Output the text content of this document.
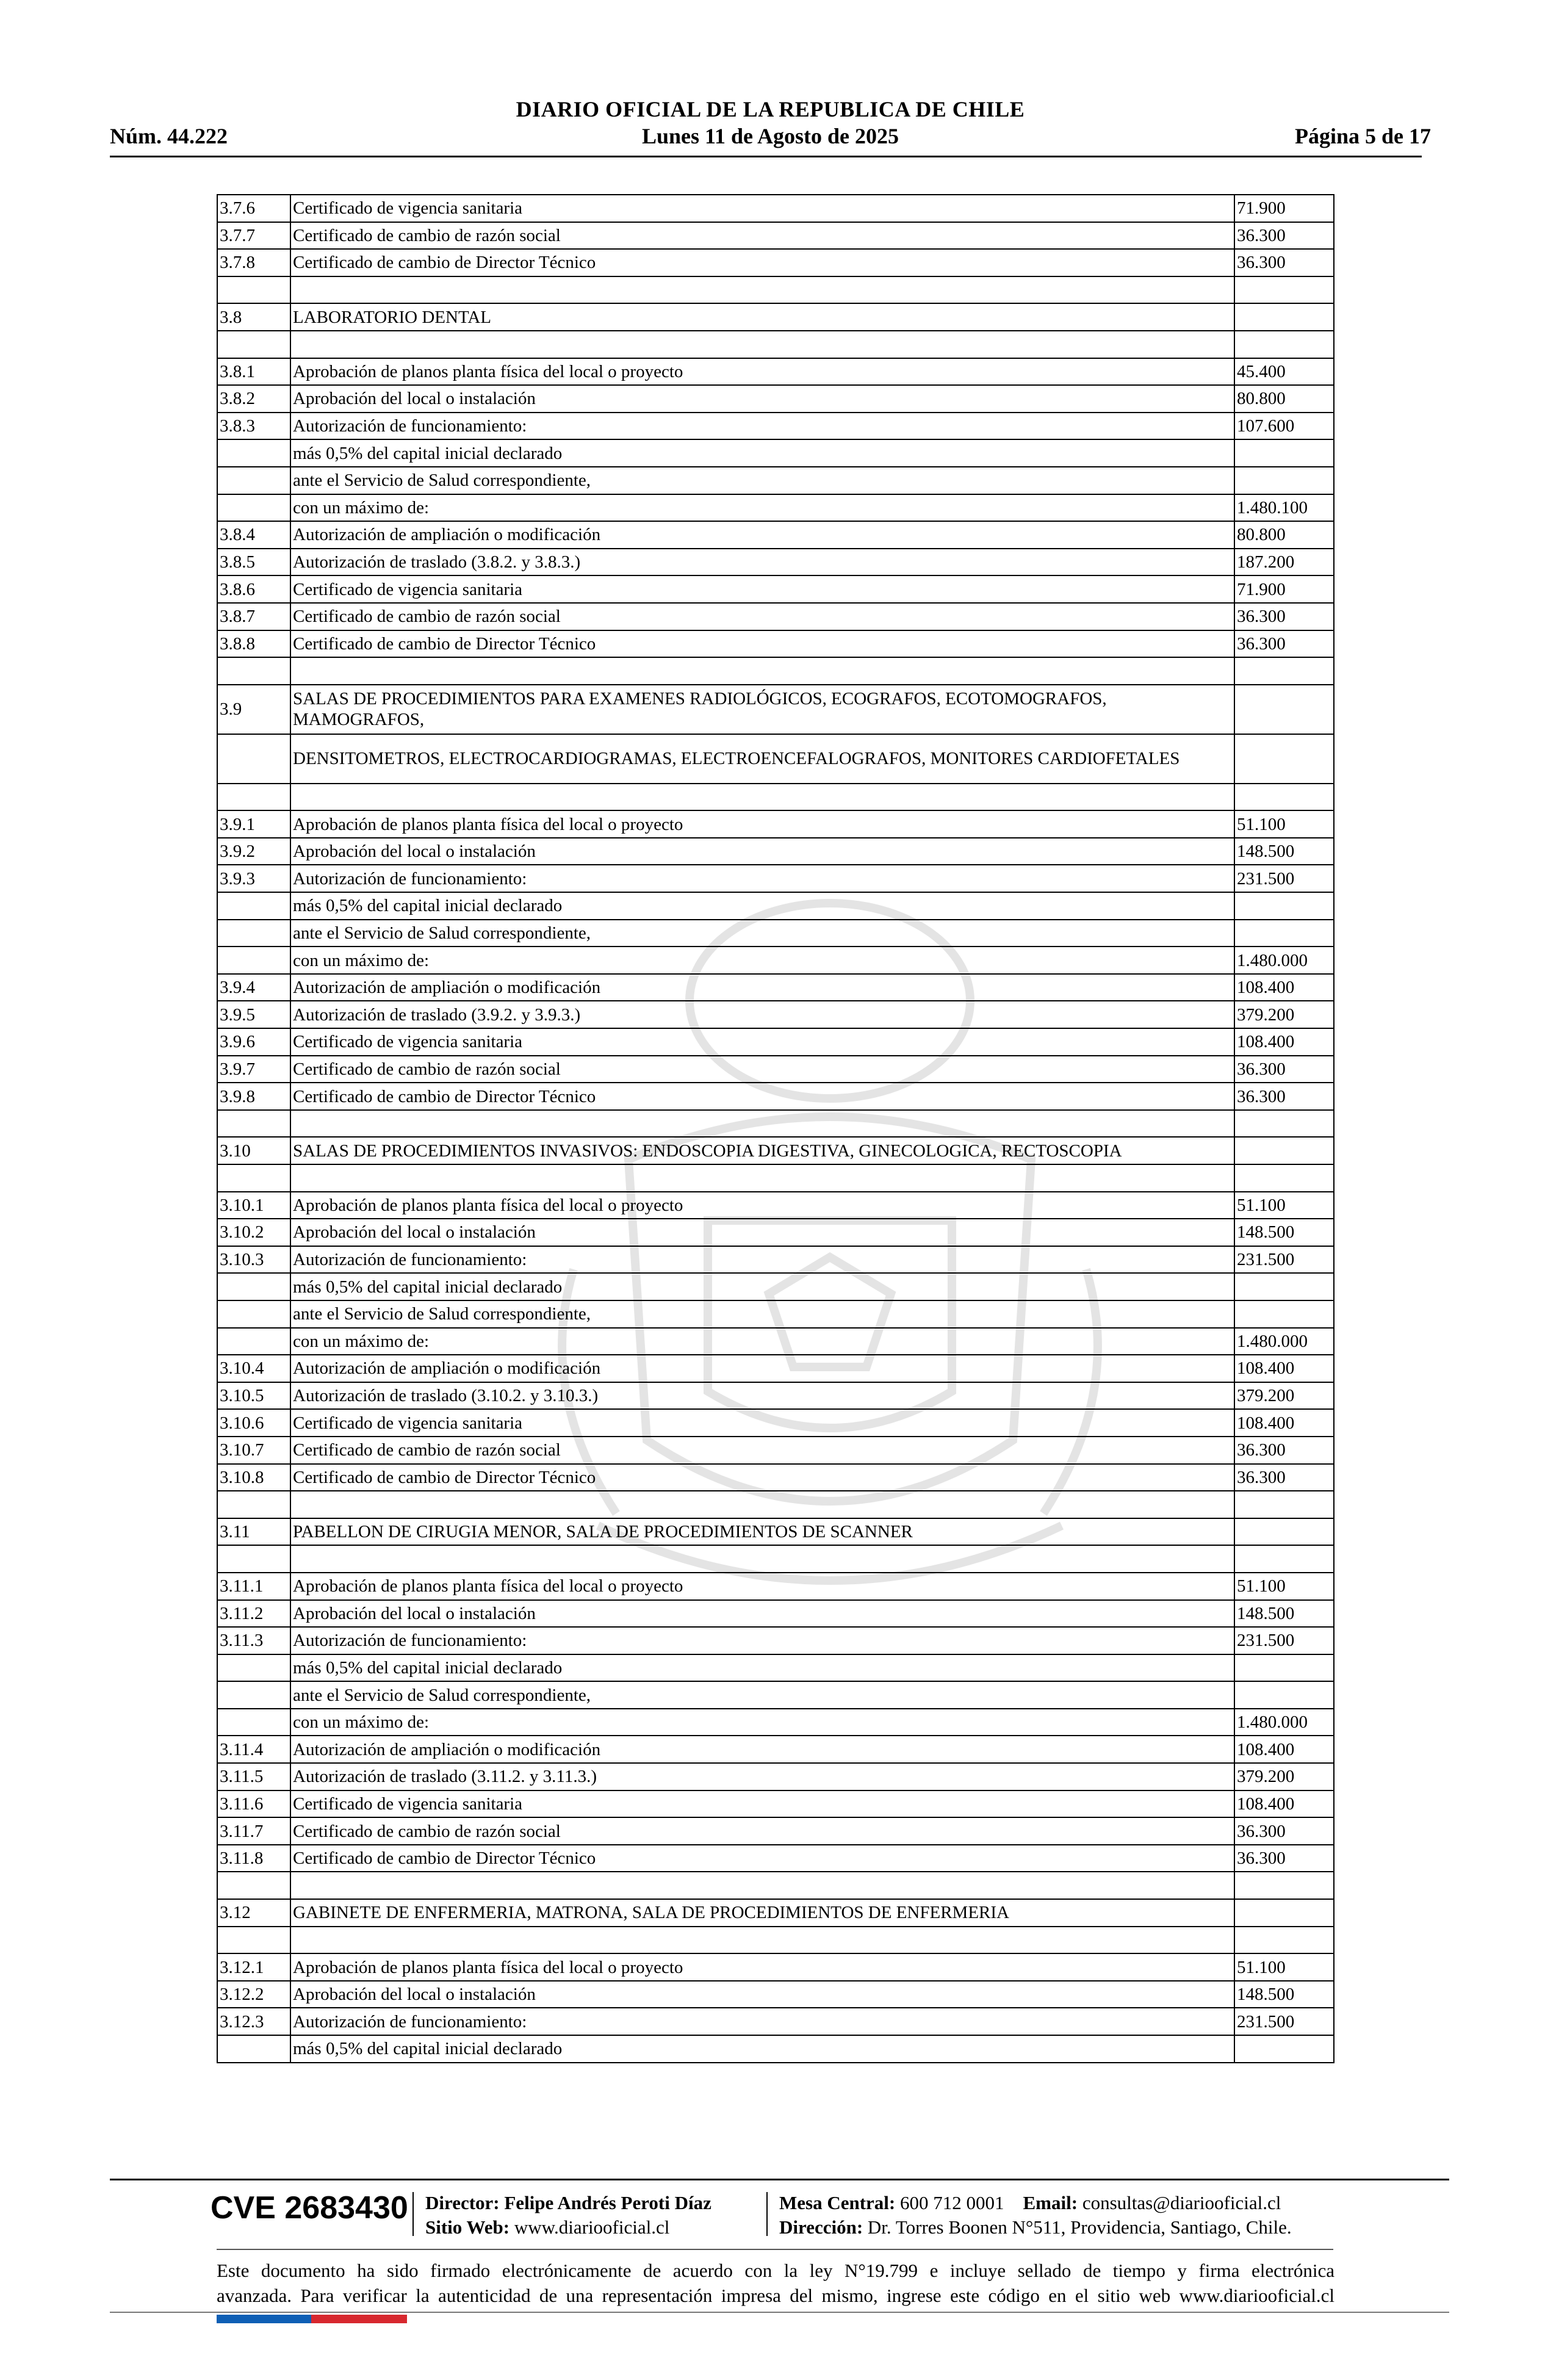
DIARIO OFICIAL DE LA REPUBLICA DE CHILE
Núm. 44.222	Lunes 11 de Agosto de 2025	Página 5 de 17
3.7.6	Certificado de vigencia sanitaria	71.900
3.7.7	Certificado de cambio de razón social	36.300
3.7.8	Certificado de cambio de Director Técnico	36.300

3.8	LABORATORIO DENTAL	

3.8.1	Aprobación de planos planta física del local o proyecto	45.400
3.8.2	Aprobación del local o instalación	80.800
3.8.3	Autorización de funcionamiento:	107.600
	más 0,5% del capital inicial declarado	
	ante el Servicio de Salud correspondiente,	
	con un máximo de:	1.480.100
3.8.4	Autorización de ampliación o modificación	80.800
3.8.5	Autorización de traslado (3.8.2. y 3.8.3.)	187.200
3.8.6	Certificado de vigencia sanitaria	71.900
3.8.7	Certificado de cambio de razón social	36.300
3.8.8	Certificado de cambio de Director Técnico	36.300

3.9	SALAS DE PROCEDIMIENTOS PARA EXAMENES RADIOLÓGICOS, ECOGRAFOS, ECOTOMOGRAFOS, MAMOGRAFOS,	
	DENSITOMETROS, ELECTROCARDIOGRAMAS, ELECTROENCEFALOGRAFOS, MONITORES CARDIOFETALES	

3.9.1	Aprobación de planos planta física del local o proyecto	51.100
3.9.2	Aprobación del local o instalación	148.500
3.9.3	Autorización de funcionamiento:	231.500
	más 0,5% del capital inicial declarado	
	ante el Servicio de Salud correspondiente,	
	con un máximo de:	1.480.000
3.9.4	Autorización de ampliación o modificación	108.400
3.9.5	Autorización de traslado (3.9.2. y 3.9.3.)	379.200
3.9.6	Certificado de vigencia sanitaria	108.400
3.9.7	Certificado de cambio de razón social	36.300
3.9.8	Certificado de cambio de Director Técnico	36.300

3.10	SALAS DE PROCEDIMIENTOS INVASIVOS: ENDOSCOPIA DIGESTIVA, GINECOLOGICA, RECTOSCOPIA	

3.10.1	Aprobación de planos planta física del local o proyecto	51.100
3.10.2	Aprobación del local o instalación	148.500
3.10.3	Autorización de funcionamiento:	231.500
	más 0,5% del capital inicial declarado	
	ante el Servicio de Salud correspondiente,	
	con un máximo de:	1.480.000
3.10.4	Autorización de ampliación o modificación	108.400
3.10.5	Autorización de traslado (3.10.2. y 3.10.3.)	379.200
3.10.6	Certificado de vigencia sanitaria	108.400
3.10.7	Certificado de cambio de razón social	36.300
3.10.8	Certificado de cambio de Director Técnico	36.300

3.11	PABELLON DE CIRUGIA MENOR, SALA DE PROCEDIMIENTOS DE SCANNER	

3.11.1	Aprobación de planos planta física del local o proyecto	51.100
3.11.2	Aprobación del local o instalación	148.500
3.11.3	Autorización de funcionamiento:	231.500
	más 0,5% del capital inicial declarado	
	ante el Servicio de Salud correspondiente,	
	con un máximo de:	1.480.000
3.11.4	Autorización de ampliación o modificación	108.400
3.11.5	Autorización de traslado (3.11.2. y 3.11.3.)	379.200
3.11.6	Certificado de vigencia sanitaria	108.400
3.11.7	Certificado de cambio de razón social	36.300
3.11.8	Certificado de cambio de Director Técnico	36.300

3.12	GABINETE DE ENFERMERIA, MATRONA, SALA DE PROCEDIMIENTOS DE ENFERMERIA	

3.12.1	Aprobación de planos planta física del local o proyecto	51.100
3.12.2	Aprobación del local o instalación	148.500
3.12.3	Autorización de funcionamiento:	231.500
	más 0,5% del capital inicial declarado	
CVE 2683430 Director: Felipe Andrés Peroti Díaz
Sitio Web: www.diariooficial.cl
Mesa Central: 600 712 0001 Email: consultas@diariooficial.cl
Dirección: Dr. Torres Boonen N°511, Providencia, Santiago, Chile.
Este documento ha sido firmado electrónicamente de acuerdo con la ley N°19.799 e incluye sellado de tiempo y firma electrónica
avanzada. Para verificar la autenticidad de una representación impresa del mismo, ingrese este código en el sitio web www.diariooficial.cl
